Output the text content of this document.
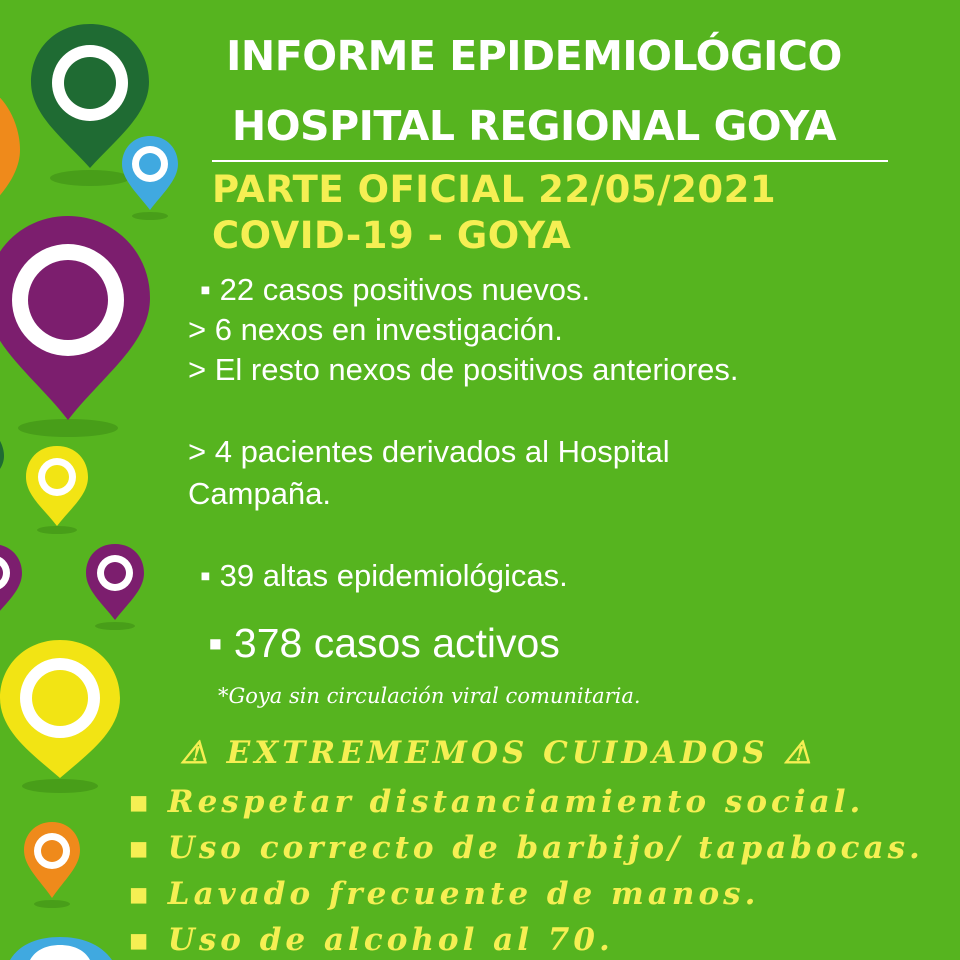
INFORME EPIDEMIOLÓGICO
HOSPITAL REGIONAL GOYA
PARTE OFICIAL 22/05/2021
COVID-19 - GOYA
▪ 22 casos positivos nuevos.
> 6 nexos en investigación.
> El resto nexos de positivos anteriores.
> 4 pacientes derivados al Hospital
Campaña.
▪ 39 altas epidemiológicas.
▪ 378 casos activos
*Goya sin circulación viral comunitaria.
⚠ EXTREMEMOS CUIDADOS ⚠
▪ Respetar distanciamiento social.
▪ Uso correcto de barbijo/ tapabocas.
▪ Lavado frecuente de manos.
▪ Uso de alcohol al 70.
